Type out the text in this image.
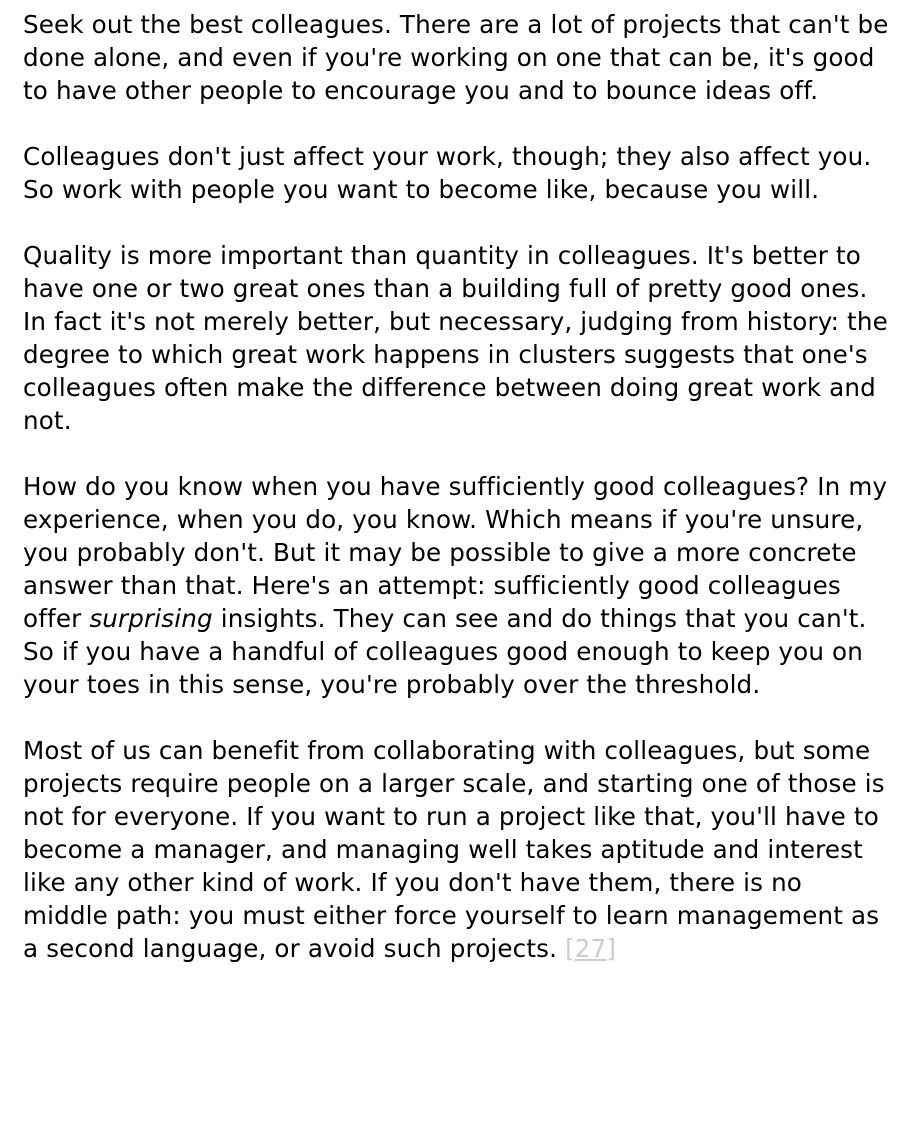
Seek out the best colleagues. There are a lot of projects that can't be done alone, and even if you're working on one that can be, it's good to have other people to encourage you and to bounce ideas off.

Colleagues don't just affect your work, though; they also affect you. So work with people you want to become like, because you will.

Quality is more important than quantity in colleagues. It's better to have one or two great ones than a building full of pretty good ones. In fact it's not merely better, but necessary, judging from history: the degree to which great work happens in clusters suggests that one's colleagues often make the difference between doing great work and not.

How do you know when you have sufficiently good colleagues? In my experience, when you do, you know. Which means if you're unsure, you probably don't. But it may be possible to give a more concrete answer than that. Here's an attempt: sufficiently good colleagues offer surprising insights. They can see and do things that you can't. So if you have a handful of colleagues good enough to keep you on your toes in this sense, you're probably over the threshold.

Most of us can benefit from collaborating with colleagues, but some projects require people on a larger scale, and starting one of those is not for everyone. If you want to run a project like that, you'll have to become a manager, and managing well takes aptitude and interest like any other kind of work. If you don't have them, there is no middle path: you must either force yourself to learn management as a second language, or avoid such projects. [27]
